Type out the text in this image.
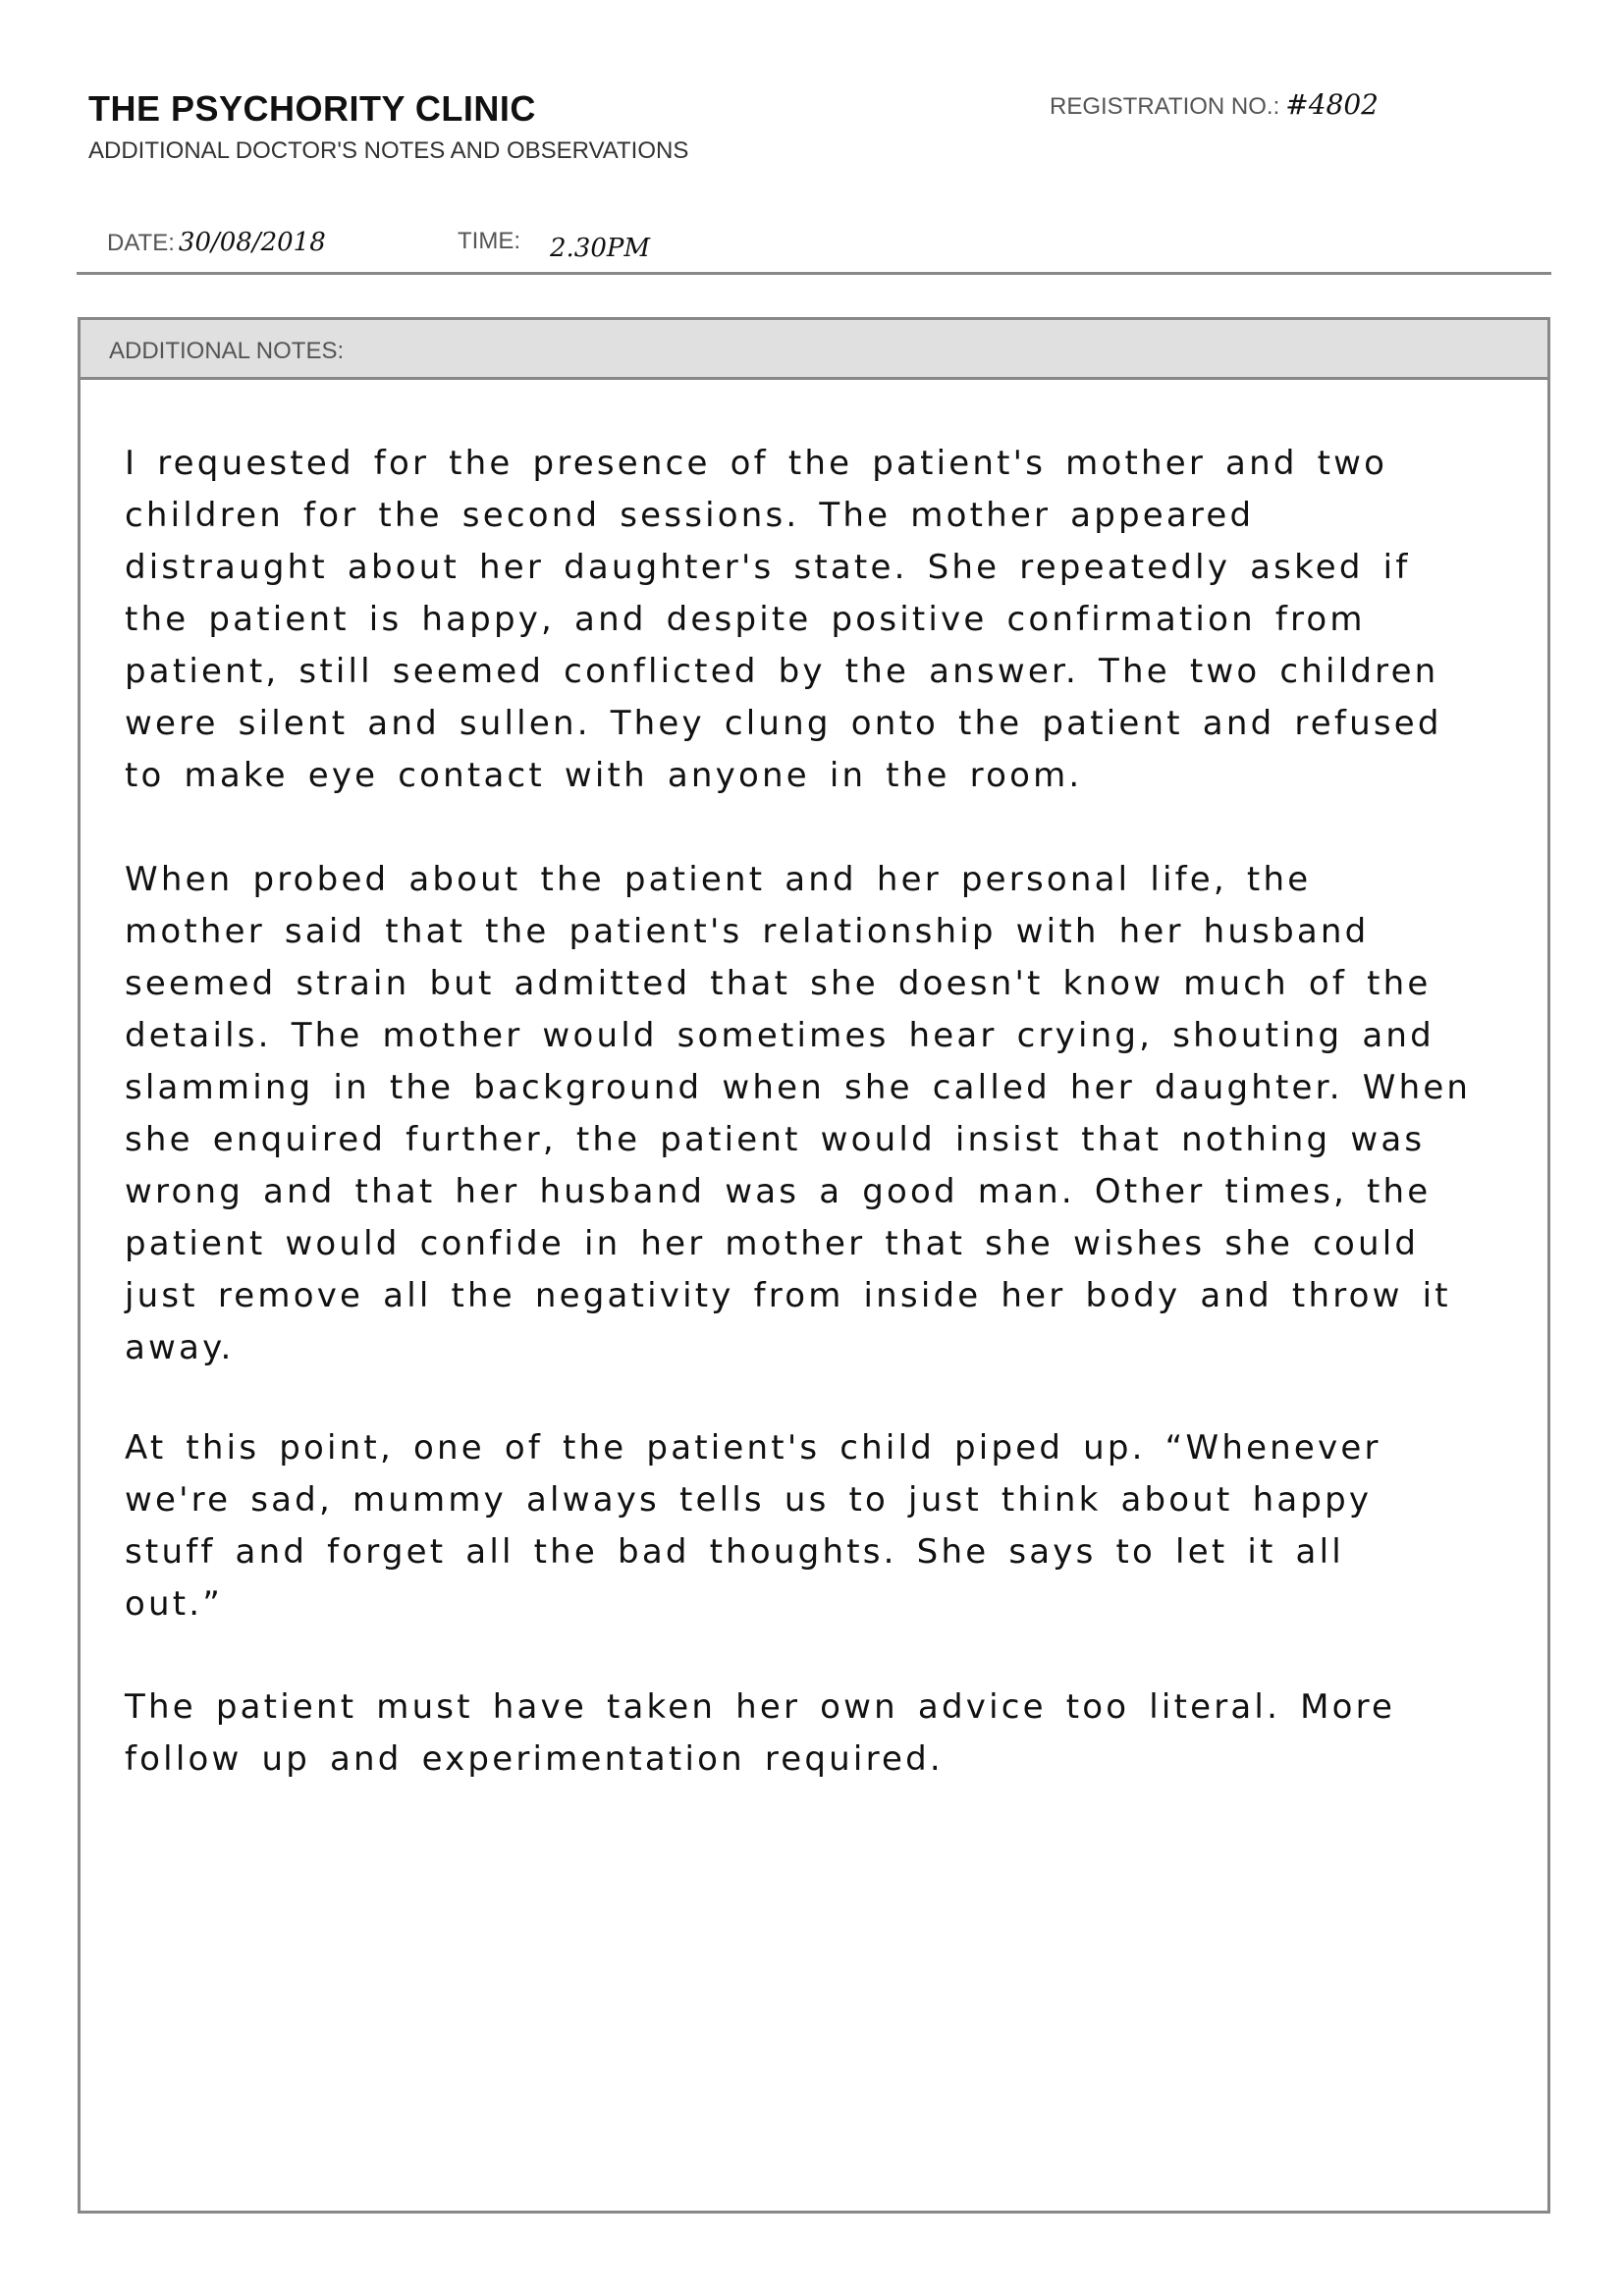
THE PSYCHORITY CLINIC
ADDITIONAL DOCTOR'S NOTES AND OBSERVATIONS
REGISTRATION NO.: #4802
DATE: 30/08/2018	TIME: 2.30PM
ADDITIONAL NOTES:
I requested for the presence of the patient's mother and two
children for the second sessions. The mother appeared
distraught about her daughter's state. She repeatedly asked if
the patient is happy, and despite positive confirmation from
patient, still seemed conflicted by the answer. The two children
were silent and sullen. They clung onto the patient and refused
to make eye contact with anyone in the room.
When probed about the patient and her personal life, the
mother said that the patient's relationship with her husband
seemed strain but admitted that she doesn't know much of the
details. The mother would sometimes hear crying, shouting and
slamming in the background when she called her daughter. When
she enquired further, the patient would insist that nothing was
wrong and that her husband was a good man. Other times, the
patient would confide in her mother that she wishes she could
just remove all the negativity from inside her body and throw it
away.
At this point, one of the patient's child piped up. “Whenever
we're sad, mummy always tells us to just think about happy
stuff and forget all the bad thoughts. She says to let it all
out.”
The patient must have taken her own advice too literal. More
follow up and experimentation required.
